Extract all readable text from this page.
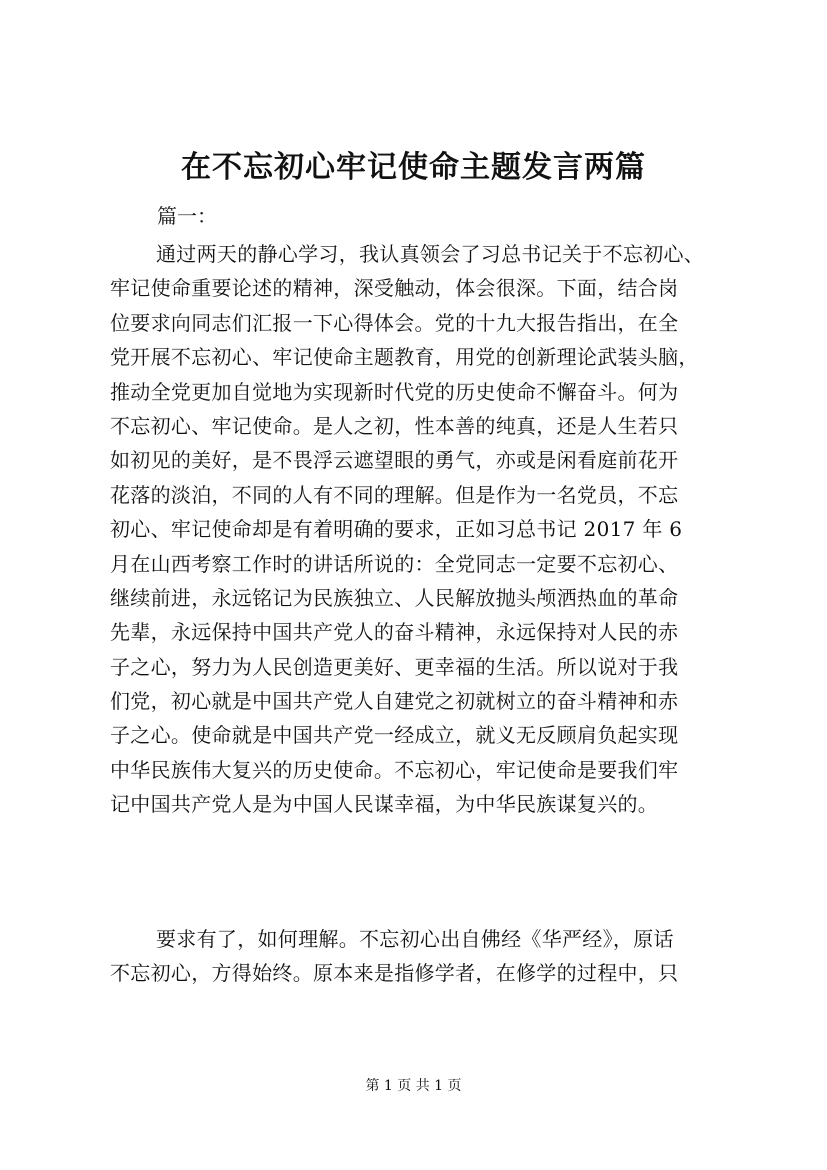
在不忘初心牢记使命主题发言两篇
篇一：
通过两天的静心学习，我认真领会了习总书记关于不忘初心、
牢记使命重要论述的精神，深受触动，体会很深。下面，结合岗
位要求向同志们汇报一下心得体会。党的十九大报告指出，在全
党开展不忘初心、牢记使命主题教育，用党的创新理论武装头脑，
推动全党更加自觉地为实现新时代党的历史使命不懈奋斗。何为
不忘初心、牢记使命。是人之初，性本善的纯真，还是人生若只
如初见的美好，是不畏浮云遮望眼的勇气，亦或是闲看庭前花开
花落的淡泊，不同的人有不同的理解。但是作为一名党员，不忘
初心、牢记使命却是有着明确的要求，正如习总书记 2017 年 6
月在山西考察工作时的讲话所说的：全党同志一定要不忘初心、
继续前进，永远铭记为民族独立、人民解放抛头颅洒热血的革命
先辈，永远保持中国共产党人的奋斗精神，永远保持对人民的赤
子之心，努力为人民创造更美好、更幸福的生活。所以说对于我
们党，初心就是中国共产党人自建党之初就树立的奋斗精神和赤
子之心。使命就是中国共产党一经成立，就义无反顾肩负起实现
中华民族伟大复兴的历史使命。不忘初心，牢记使命是要我们牢
记中国共产党人是为中国人民谋幸福，为中华民族谋复兴的。
要求有了，如何理解。不忘初心出自佛经《华严经》，原话
不忘初心，方得始终。原本来是指修学者，在修学的过程中，只
第 1 页 共 1 页
